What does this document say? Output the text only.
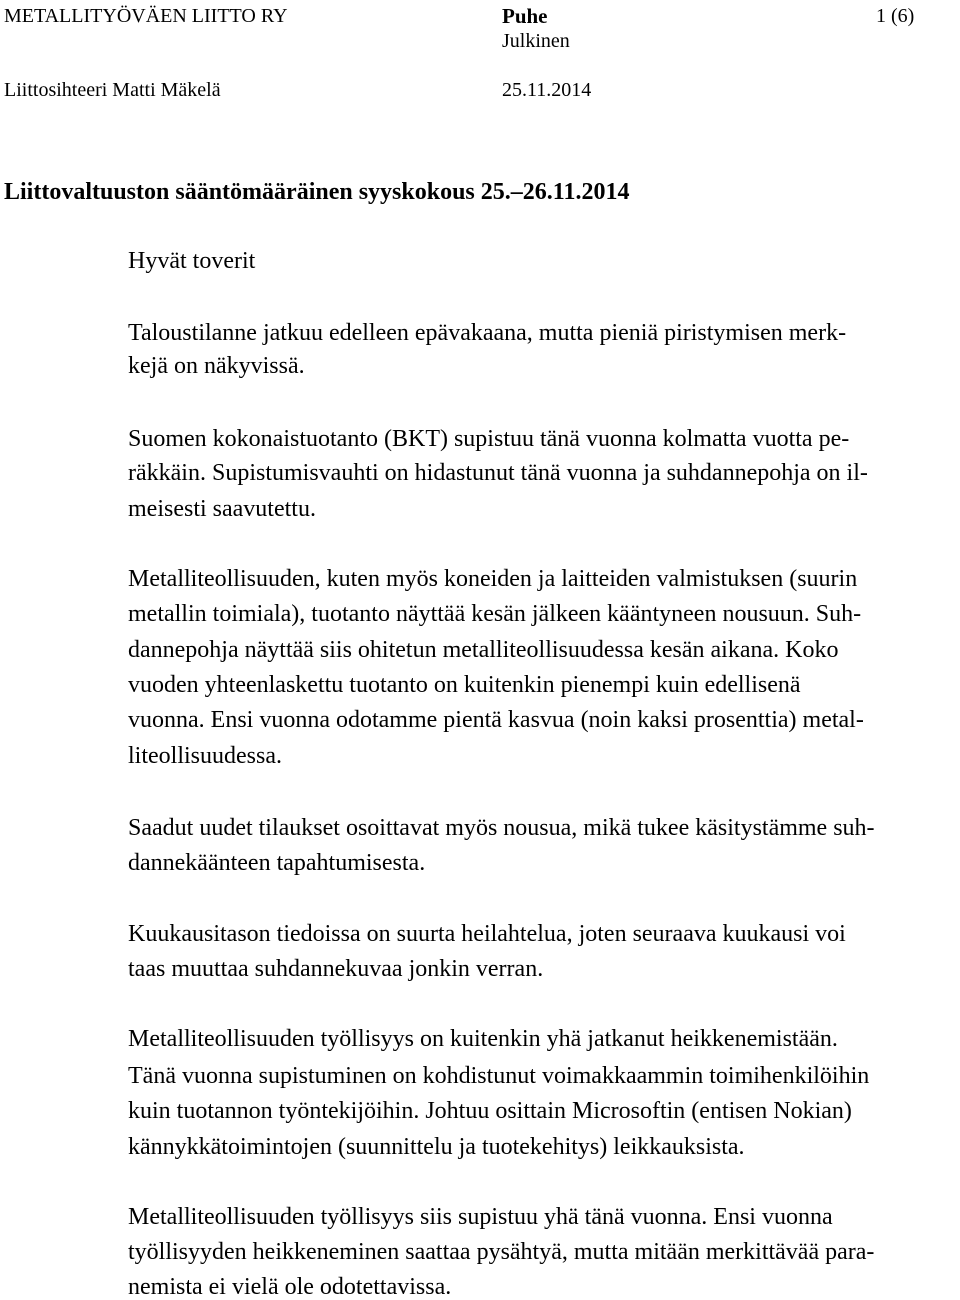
METALLITYÖVÄEN LIITTO RY	Puhe	1 (6)
Julkinen
Liittosihteeri Matti Mäkelä	25.11.2014
Liittovaltuuston sääntömääräinen syyskokous 25.–26.11.2014
Hyvät toverit
Taloustilanne jatkuu edelleen epävakaana, mutta pieniä piristymisen merk-
kejä on näkyvissä.
Suomen kokonaistuotanto (BKT) supistuu tänä vuonna kolmatta vuotta pe-
räkkäin. Supistumisvauhti on hidastunut tänä vuonna ja suhdannepohja on il-
meisesti saavutettu.
Metalliteollisuuden, kuten myös koneiden ja laitteiden valmistuksen (suurin
metallin toimiala), tuotanto näyttää kesän jälkeen kääntyneen nousuun. Suh-
dannepohja näyttää siis ohitetun metalliteollisuudessa kesän aikana. Koko
vuoden yhteenlaskettu tuotanto on kuitenkin pienempi kuin edellisenä
vuonna. Ensi vuonna odotamme pientä kasvua (noin kaksi prosenttia) metal-
liteollisuudessa.
Saadut uudet tilaukset osoittavat myös nousua, mikä tukee käsitystämme suh-
dannekäänteen tapahtumisesta.
Kuukausitason tiedoissa on suurta heilahtelua, joten seuraava kuukausi voi
taas muuttaa suhdannekuvaa jonkin verran.
Metalliteollisuuden työllisyys on kuitenkin yhä jatkanut heikkenemistään.
Tänä vuonna supistuminen on kohdistunut voimakkaammin toimihenkilöihin
kuin tuotannon työntekijöihin. Johtuu osittain Microsoftin (entisen Nokian)
kännykkätoimintojen (suunnittelu ja tuotekehitys) leikkauksista.
Metalliteollisuuden työllisyys siis supistuu yhä tänä vuonna. Ensi vuonna
työllisyyden heikkeneminen saattaa pysähtyä, mutta mitään merkittävää para-
nemista ei vielä ole odotettavissa.
